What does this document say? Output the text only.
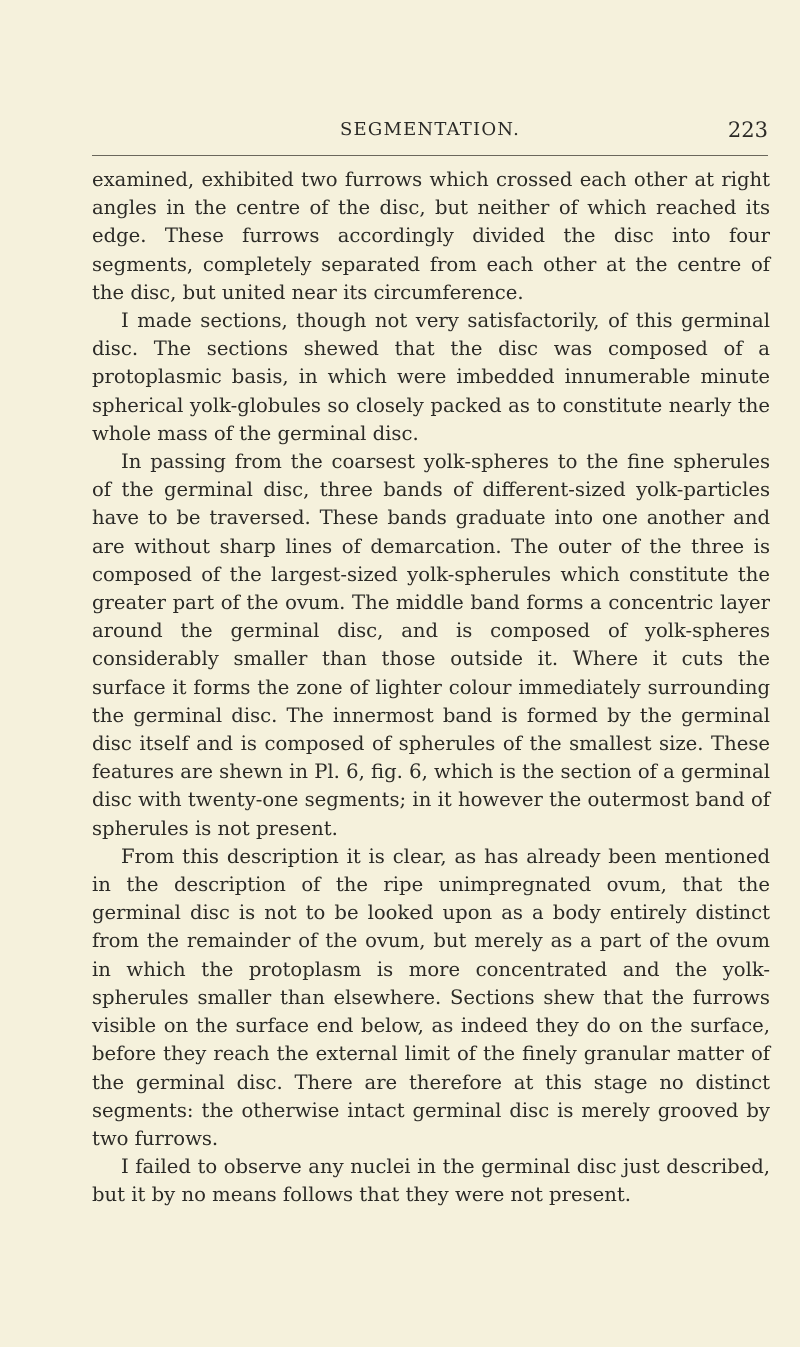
SEGMENTATION.	223

examined, exhibited two furrows which crossed each other at right angles in the centre of the disc, but neither of which reached its edge. These furrows accordingly divided the disc into four segments, completely separated from each other at the centre of the disc, but united near its circumference.

I made sections, though not very satisfactorily, of this germinal disc. The sections shewed that the disc was composed of a protoplasmic basis, in which were imbedded innumerable minute spherical yolk-globules so closely packed as to constitute nearly the whole mass of the germinal disc.

In passing from the coarsest yolk-spheres to the fine spherules of the germinal disc, three bands of different-sized yolk-particles have to be traversed. These bands graduate into one another and are without sharp lines of demarcation. The outer of the three is composed of the largest-sized yolk-spherules which constitute the greater part of the ovum. The middle band forms a concentric layer around the germinal disc, and is composed of yolk-spheres considerably smaller than those outside it. Where it cuts the surface it forms the zone of lighter colour immediately surrounding the germinal disc. The innermost band is formed by the germinal disc itself and is composed of spherules of the smallest size. These features are shewn in Pl. 6, fig. 6, which is the section of a germinal disc with twenty-one segments; in it however the outermost band of spherules is not present.

From this description it is clear, as has already been mentioned in the description of the ripe unimpregnated ovum, that the germinal disc is not to be looked upon as a body entirely distinct from the remainder of the ovum, but merely as a part of the ovum in which the protoplasm is more concentrated and the yolk-spherules smaller than elsewhere. Sections shew that the furrows visible on the surface end below, as indeed they do on the surface, before they reach the external limit of the finely granular matter of the germinal disc. There are therefore at this stage no distinct segments: the otherwise intact germinal disc is merely grooved by two furrows.

I failed to observe any nuclei in the germinal disc just described, but it by no means follows that they were not present.
